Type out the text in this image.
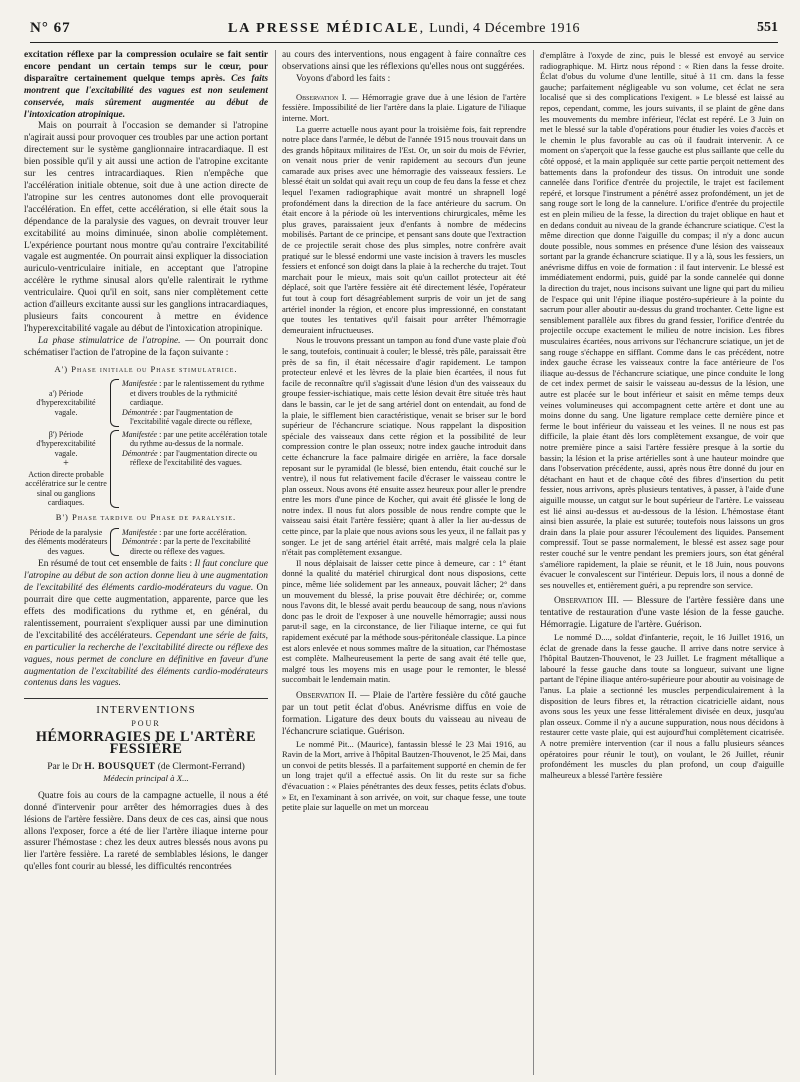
N° 67	LA PRESSE MÉDICALE, Lundi, 4 Décembre 1916	551

excitation réflexe par la compression oculaire se fait sentir encore pendant un certain temps sur le cœur, pour disparaître certainement quelque temps après. Ces faits montrent que l'excitabilité des vagues est non seulement conservée, mais sûrement augmentée au début de l'intoxication atropinique.

Mais on pourrait à l'occasion se demander si l'atropine n'agirait aussi pour provoquer ces troubles par une action portant directement sur le système ganglionnaire intracardiaque. Il est bien possible qu'il y ait aussi une action de l'atropine excitante sur les centres intracardiaques. Rien n'empêche que l'accélération initiale obtenue, soit due à une action directe de l'atropine sur les centres autonomes dont elle provoquerait l'accélération. En effet, cette accélération, si elle était sous la dépendance de la paralysie des vagues, on devrait trouver leur excitabilité au moins diminuée, sinon abolie complètement. L'expérience pourtant nous montre qu'au contraire l'excitabilité vagale est augmentée. On pourrait ainsi expliquer la dissociation auriculo-ventriculaire initiale, en acceptant que l'atropine accélère le rythme sinusal alors qu'elle ralentirait le rythme ventriculaire. Quoi qu'il en soit, sans nier complètement cette action d'ailleurs excitante aussi sur les ganglions intracardiaques, plusieurs faits concourent à mettre en évidence l'hyperexcitabilité vagale au début de l'intoxication atropinique.

La phase stimulatrice de l'atropine. — On pourrait donc schématiser l'action de l'atropine de la façon suivante :

A') Phase initiale ou Phase stimulatrice.
a') Période d'hyperexcitabilité vagale.
Manifestée : par le ralentissement du rythme et divers troubles de la rythmicité cardiaque.
Démontrée : par l'augmentation de l'excitabilité vagale directe ou réflexe,
β') Période d'hyperexcitabilité vagale.
+
Action directe probable accélératrice sur le centre sinal ou ganglions cardiaques.
Manifestée : par une petite accélération totale du rythme au-dessus de la normale.
Démontrée : par l'augmentation directe ou réflexe de l'excitabilité des vagues.
B') Phase tardive ou Phase de paralysie.
Période de la paralysie des éléments modérateurs des vagues.
Manifestée : par une forte accélération.
Démontrée : par la perte de l'excitabilité directe ou réflexe des vagues.

En résumé de tout cet ensemble de faits : Il faut conclure que l'atropine au début de son action donne lieu à une augmentation de l'excitabilité des éléments cardio-modérateurs du vague. On pourrait dire que cette augmentation, apparente, parce que les effets des modifications du rythme et, en général, du ralentissement, pourraient s'expliquer aussi par une diminution de l'excitabilité des accélérateurs. Cependant une série de faits, en particulier la recherche de l'excitabilité directe ou réflexe des vagues, nous permet de conclure en définitive en faveur d'une augmentation de l'excitabilité des éléments cardio-modérateurs contenus dans les vagues.

INTERVENTIONS
POUR
HÉMORRAGIES DE L'ARTÈRE FESSIÈRE
Par le Dr H. BOUSQUET (de Clermont-Ferrand)
Médecin principal à X...

Quatre fois au cours de la campagne actuelle, il nous a été donné d'intervenir pour arrêter des hémorragies dues à des lésions de l'artère fessière. Dans deux de ces cas, ainsi que nous allons l'exposer, force a été de lier l'artère iliaque interne pour assurer l'hémostase : chez les deux autres blessés nous avons pu lier l'artère fessière. La rareté de semblables lésions, le danger qu'elles font courir au blessé, les difficultés rencontrées

au cours des interventions, nous engagent à faire connaître ces observations ainsi que les réflexions qu'elles nous ont suggérées.

Voyons d'abord les faits :

Observation I. — Hémorragie grave due à une lésion de l'artère fessière. Impossibilité de lier l'artère dans la plaie. Ligature de l'iliaque interne. Mort.

La guerre actuelle nous ayant pour la troisième fois, fait reprendre notre place dans l'armée, le début de l'année 1915 nous trouvait dans un des grands hôpitaux militaires de l'Est. Or, un soir du mois de Février, on venait nous prier de venir rapidement au secours d'un jeune camarade aux prises avec une hémorragie des vaisseaux fessiers. Le blessé était un soldat qui avait reçu un coup de feu dans la fesse et chez lequel l'examen radiographique avait montré un shrapnell logé profondément dans la direction de la face antérieure du sacrum. On était encore à la période où les interventions chirurgicales, même les plus graves, paraissaient jeux d'enfants à nombre de médecins mobilisés. Partant de ce principe, et pensant sans doute que l'extraction de ce projectile serait chose des plus simples, notre confrère avait pratiqué sur le blessé endormi une vaste incision à travers les muscles fessiers et enfoncé son doigt dans la plaie à la recherche du trajet. Tout marchait pour le mieux, mais soit qu'un caillot protecteur ait été déplacé, soit que l'artère fessière ait été directement lésée, l'opérateur fut tout à coup fort désagréablement surpris de voir un jet de sang artériel inonder la région, et encore plus impressionné, en constatant que toutes les tentatives qu'il faisait pour arrêter l'hémorragie demeuraient infructueuses.

Nous le trouvons pressant un tampon au fond d'une vaste plaie d'où le sang, toutefois, continuait à couler; le blessé, très pâle, paraissait être près de sa fin, il était nécessaire d'agir rapidement. Le tampon protecteur enlevé et les lèvres de la plaie bien écartées, il nous fut facile de reconnaître qu'il s'agissait d'une lésion d'un des vaisseaux du groupe fessier-ischiatique, mais cette lésion devait être située très haut dans le bassin, car le jet de sang artériel dont on entendait, au fond de la plaie, le sifflement bien caractéristique, venait se briser sur le bord supérieur de l'échancrure sciatique. Nous rappelant la disposition spéciale des vaisseaux dans cette région et la possibilité de leur compression contre le plan osseux; notre index gauche introduit dans cette échancrure la face palmaire dirigée en arrière, la face dorsale reposant sur le pyramidal (le blessé, bien entendu, était couché sur le ventre), il nous fut relativement facile d'écraser le vaisseau contre le plan osseux. Nous avons été ensuite assez heureux pour aller le prendre entre les mors d'une pince de Kocher, qui avait été glissée le long de notre index. Il nous fut alors possible de nous rendre compte que le vaisseau saisi était l'artère fessière; quant à aller la lier au-dessus de cette pince, par la plaie que nous avions sous les yeux, il ne fallait pas y songer. Le jet de sang artériel était arrêté, mais malgré cela la plaie n'était pas complètement exsangue.

Il nous déplaisait de laisser cette pince à demeure, car : 1° étant donné la qualité du matériel chirurgical dont nous disposions, cette pince, même liée solidement par les anneaux, pouvait lâcher; 2° dans un mouvement du blessé, la prise pouvait être déchirée; or, comme nous l'avons dit, le blessé avait perdu beaucoup de sang, nous n'avions donc pas le droit de l'exposer à une nouvelle hémorragie; aussi nous parut-il sage, en la circonstance, de lier l'iliaque interne, ce qui fut rapidement exécuté par la méthode sous-péritonéale classique. La pince est alors enlevée et nous sommes maître de la situation, car l'hémostase est complète. Malheureusement la perte de sang avait été telle que, malgré tous les moyens mis en usage pour le remonter, le blessé succombait le lendemain matin.

Observation II. — Plaie de l'artère fessière du côté gauche par un tout petit éclat d'obus. Anévrisme diffus en voie de formation. Ligature des deux bouts du vaisseau au niveau de l'échancrure sciatique. Guérison.

Le nommé Pit... (Maurice), fantassin blessé le 23 Mai 1916, au Ravin de la Mort, arrive à l'hôpital Bautzen-Thouvenot, le 25 Mai, dans un convoi de petits blessés. Il a parfaitement supporté en chemin de fer un long trajet qu'il a effectué assis. On lit du reste sur sa fiche d'évacuation : « Plaies pénétrantes des deux fesses, petits éclats d'obus. » Et, en l'examinant à son arrivée, on voit, sur chaque fesse, une toute petite plaie sur laquelle on met un morceau

d'emplâtre à l'oxyde de zinc, puis le blessé est envoyé au service radiographique. M. Hirtz nous répond : « Rien dans la fesse droite. Éclat d'obus du volume d'une lentille, situé à 11 cm. dans la fesse gauche; parfaitement négligeable vu son volume, cet éclat ne sera localisé que si des complications l'exigent. » Le blessé est laissé au repos, cependant, comme, les jours suivants, il se plaint de gêne dans les mouvements du membre inférieur, l'éclat est repéré. Le 3 Juin on met le blessé sur la table d'opérations pour étudier les voies d'accès et le chemin le plus favorable au cas où il faudrait intervenir. A ce moment on s'aperçoit que la fesse gauche est plus saillante que celle du côté opposé, et la main appliquée sur cette partie perçoit nettement des battements dans la profondeur des tissus. On introduit une sonde cannelée dans l'orifice d'entrée du projectile, le trajet est facilement repéré, et lorsque l'instrument a pénétré assez profondément, un jet de sang rouge sort le long de la cannelure. L'orifice d'entrée du projectile est en plein milieu de la fesse, la direction du trajet oblique en haut et en dedans conduit au niveau de la grande échancrure sciatique. C'est la même direction que donne l'aiguille du compas; il n'y a donc aucun doute possible, nous sommes en présence d'une lésion des vaisseaux sortant par la grande échancrure sciatique. Il y a là, sous les fessiers, un anévrisme diffus en voie de formation : il faut intervenir. Le blessé est immédiatement endormi, puis, guidé par la sonde cannelée qui donne la direction du trajet, nous incisons suivant une ligne qui part du milieu de l'espace qui unit l'épine iliaque postéro-supérieure à la pointe du sacrum pour aller aboutir au-dessus du grand trochanter. Cette ligne est sensiblement parallèle aux fibres du grand fessier, l'orifice d'entrée du projectile occupe exactement le milieu de notre incision. Les fibres musculaires écartées, nous arrivons sur l'échancrure sciatique, un jet de sang rouge s'échappe en sifflant. Comme dans le cas précédent, notre index gauche écrase les vaisseaux contre la face antérieure de l'os iliaque au-dessus de l'échancrure sciatique, une pince conduite le long de cet index permet de saisir le vaisseau au-dessus de la lésion, une autre est placée sur le bout inférieur et saisit en même temps deux veines volumineuses qui accompagnent cette artère et dont une au moins donne du sang. Une ligature remplace cette dernière pince et ferme le bout inférieur du vaisseau et les veines. Il ne nous est pas difficile, la plaie étant dès lors complètement exsangue, de voir que notre première pince a saisi l'artère fessière presque à la sortie du bassin; la lésion et la prise artérielles sont à une hauteur moindre que dans l'observation précédente, aussi, après nous être donné du jour en détachant en haut et de chaque côté des fibres d'insertion du petit fessier, nous arrivons, après plusieurs tentatives, à passer, à l'aide d'une aiguille mousse, un catgut sur le bout supérieur de l'artère. Le vaisseau est lié ainsi au-dessus et au-dessous de la lésion. L'hémostase étant ainsi bien assurée, la plaie est suturée; toutefois nous laissons un gros drain dans la plaie pour assurer l'écoulement des liquides. Pansement compressif. Tout se passe normalement, le blessé est assez sage pour rester couché sur le ventre pendant les premiers jours, son état général s'améliore rapidement, la plaie se réunit, et le 18 Juin, nous pouvons évacuer le convalescent sur l'intérieur. Depuis lors, il nous a donné de ses nouvelles et, entièrement guéri, a pu reprendre son service.

Observation III. — Blessure de l'artère fessière dans une tentative de restauration d'une vaste lésion de la fesse gauche. Hémorragie. Ligature de l'artère. Guérison.

Le nommé D...., soldat d'infanterie, reçoit, le 16 Juillet 1916, un éclat de grenade dans la fesse gauche. Il arrive dans notre service à l'hôpital Bautzen-Thouvenot, le 23 Juillet. Le fragment métallique a labouré la fesse gauche dans toute sa longueur, suivant une ligne partant de l'épine iliaque antéro-supérieure pour aboutir au voisinage de l'anus. La plaie a sectionné les muscles perpendiculairement à la disposition de leurs fibres et, la rétraction cicatricielle aidant, nous avons sous les yeux une fesse littéralement divisée en deux, jusqu'au plan osseux. Comme il n'y a aucune suppuration, nous nous décidons à restaurer cette vaste plaie, qui est aujourd'hui complètement cicatrisée. A notre première intervention (car il nous a fallu plusieurs séances opératoires pour réunir le tout), on voulant, le 26 Juillet, réunir profondément les muscles du plan profond, un coup d'aiguille malheureux a blessé l'artère fessière
